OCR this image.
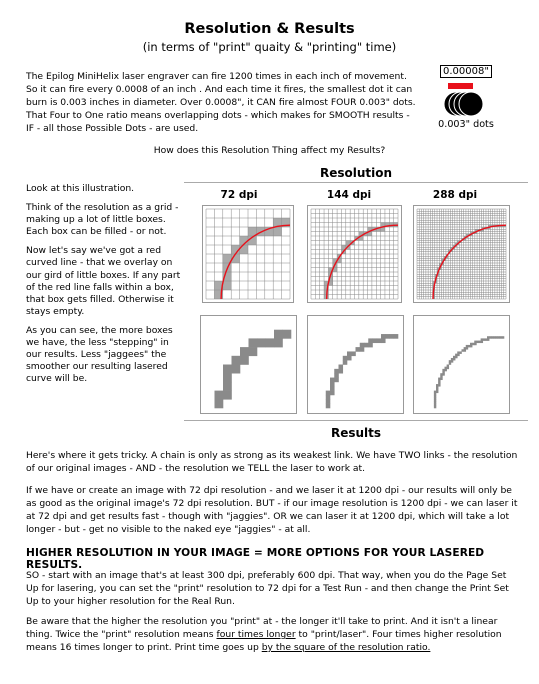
Resolution & Results
(in terms of "print" quaity & "printing" time)
The Epilog MiniHelix laser engraver can fire 1200 times in each inch of movement. So it can fire every 0.0008 of an inch . And each time it fires, the smallest dot it can burn is 0.003 inches in diameter. Over 0.0008", it CAN fire almost FOUR 0.003" dots. That Four to One ratio means overlapping dots - which makes for SMOOTH results - IF - all those Possible Dots - are used.
0.00008"
0.003" dots
How does this Resolution Thing affect my Results?
Resolution
72 dpi	144 dpi	288 dpi
Results

Look at this illustration.

Think of the resolution as a grid - making up a lot of little boxes. Each box can be filled - or not.

Now let's say we've got a red curved line - that we overlay on our gird of little boxes. If any part of the red line falls within a box, that box gets filled. Otherwise it stays empty.

As you can see, the more boxes we have, the less "stepping" in our results. Less "jaggees" the smoother our resulting lasered curve will be.

Here's where it gets tricky. A chain is only as strong as its weakest link. We have TWO links - the resolution of our original images - AND - the resolution we TELL the laser to work at.
If we have or create an image with 72 dpi resolution - and we laser it at 1200 dpi - our results will only be as good as the original image's 72 dpi resolution. BUT - if our image resolution is 1200 dpi - we can laser it at 72 dpi and get results fast - though with "jaggies". OR we can laser it at 1200 dpi, which will take a lot longer - but - get no visible to the naked eye "jaggies" - at all.
HIGHER RESOLUTION IN YOUR IMAGE = MORE OPTIONS FOR YOUR LASERED RESULTS.
SO - start with an image that's at least 300 dpi, preferably 600 dpi. That way, when you do the Page Set Up for lasering, you can set the "print" resolution to 72 dpi for a Test Run - and then change the Print Set Up to your higher resolution for the Real Run.
Be aware that the higher the resolution you "print" at - the longer it'll take to print. And it isn't a linear thing. Twice the "print" resolution means four times longer to "print/laser". Four times higher resolution means 16 times longer to print. Print time goes up by the square of the resolution ratio.
